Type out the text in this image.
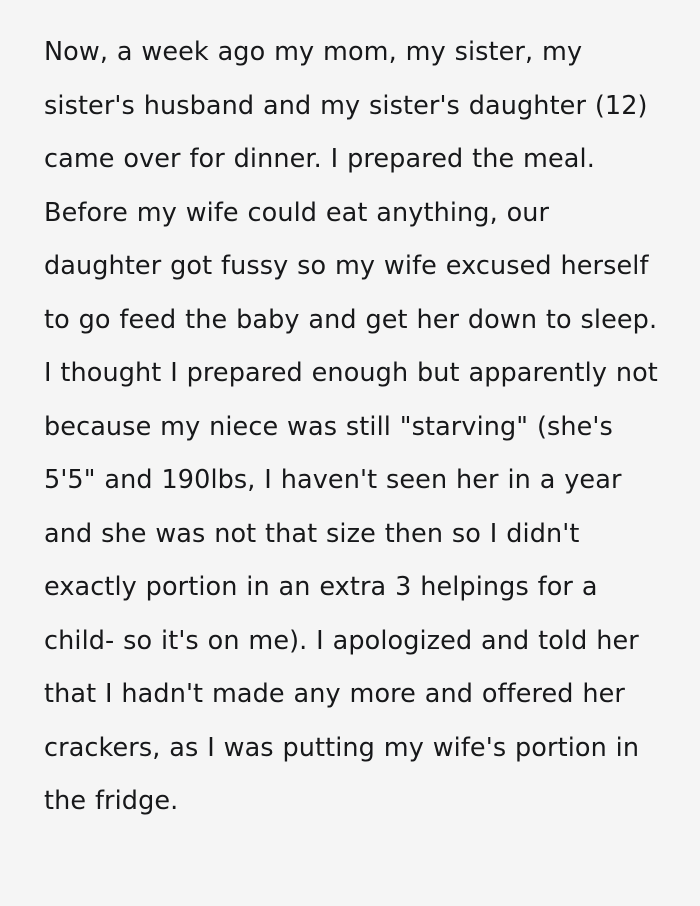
Now, a week ago my mom, my sister, my sister's husband and my sister's daughter (12) came over for dinner. I prepared the meal. Before my wife could eat anything, our daughter got fussy so my wife excused herself to go feed the baby and get her down to sleep. I thought I prepared enough but apparently not because my niece was still "starving" (she's 5'5" and 190lbs, I haven't seen her in a year and she was not that size then so I didn't exactly portion in an extra 3 helpings for a child- so it's on me). I apologized and told her that I hadn't made any more and offered her crackers, as I was putting my wife's portion in the fridge.
